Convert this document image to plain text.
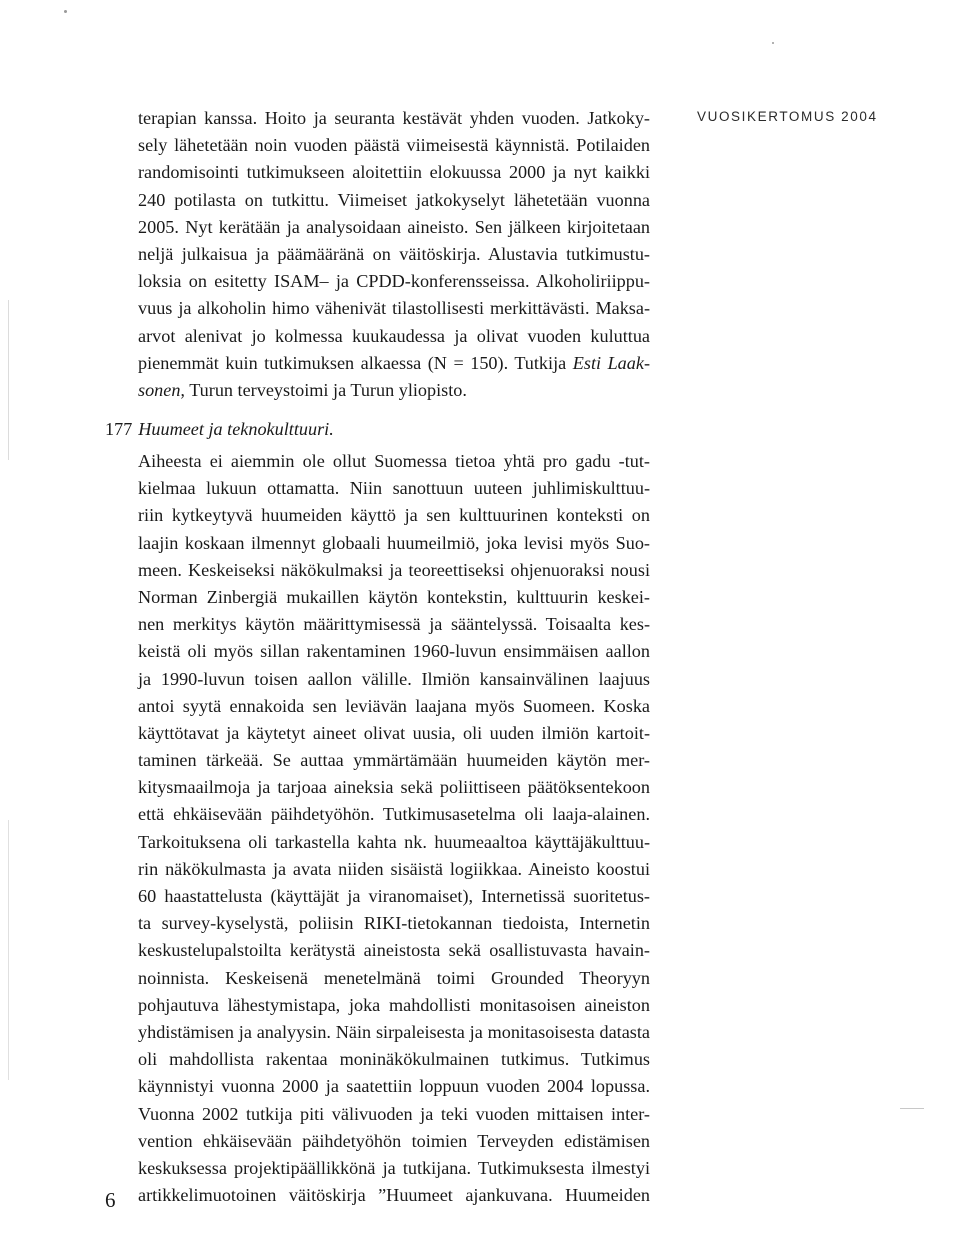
VUOSIKERTOMUS 2004
terapian kanssa. Hoito ja seuranta kestävät yhden vuoden. Jatkoky-
sely lähetetään noin vuoden päästä viimeisestä käynnistä. Potilaiden
randomisointi tutkimukseen aloitettiin elokuussa 2000 ja nyt kaikki
240 potilasta on tutkittu. Viimeiset jatkokyselyt lähetetään vuonna
2005. Nyt kerätään ja analysoidaan aineisto. Sen jälkeen kirjoitetaan
neljä julkaisua ja päämääränä on väitöskirja. Alustavia tutkimustu-
loksia on esitetty ISAM– ja CPDD-konferensseissa. Alkoholiriippu-
vuus ja alkoholin himo vähenivät tilastollisesti merkittävästi. Maksa-
arvot alenivat jo kolmessa kuukaudessa ja olivat vuoden kuluttua
pienemmät kuin tutkimuksen alkaessa (N = 150). Tutkija Esti Laak-
sonen, Turun terveystoimi ja Turun yliopisto.
177 Huumeet ja teknokulttuuri.
Aiheesta ei aiemmin ole ollut Suomessa tietoa yhtä pro gadu -tut-
kielmaa lukuun ottamatta. Niin sanottuun uuteen juhlimiskulttuu-
riin kytkeytyvä huumeiden käyttö ja sen kulttuurinen konteksti on
laajin koskaan ilmennyt globaali huumeilmiö, joka levisi myös Suo-
meen. Keskeiseksi näkökulmaksi ja teoreettiseksi ohjenuoraksi nousi
Norman Zinbergiä mukaillen käytön kontekstin, kulttuurin keskei-
nen merkitys käytön määrittymisessä ja sääntelyssä. Toisaalta kes-
keistä oli myös sillan rakentaminen 1960-luvun ensimmäisen aallon
ja 1990-luvun toisen aallon välille. Ilmiön kansainvälinen laajuus
antoi syytä ennakoida sen leviävän laajana myös Suomeen. Koska
käyttötavat ja käytetyt aineet olivat uusia, oli uuden ilmiön kartoit-
taminen tärkeää. Se auttaa ymmärtämään huumeiden käytön mer-
kitysmaailmoja ja tarjoaa aineksia sekä poliittiseen päätöksentekoon
että ehkäisevään päihdetyöhön. Tutkimusasetelma oli laaja-alainen.
Tarkoituksena oli tarkastella kahta nk. huumeaaltoa käyttäjäkulttuu-
rin näkökulmasta ja avata niiden sisäistä logiikkaa. Aineisto koostui
60 haastattelusta (käyttäjät ja viranomaiset), Internetissä suoritetus-
ta survey-kyselystä, poliisin RIKI-tietokannan tiedoista, Internetin
keskustelupalstoilta kerätystä aineistosta sekä osallistuvasta havain-
noinnista. Keskeisenä menetelmänä toimi Grounded Theoryyn
pohjautuva lähestymistapa, joka mahdollisti monitasoisen aineiston
yhdistämisen ja analyysin. Näin sirpaleisesta ja monitasoisesta datasta
oli mahdollista rakentaa moninäkökulmainen tutkimus. Tutkimus
käynnistyi vuonna 2000 ja saatettiin loppuun vuoden 2004 lopussa.
Vuonna 2002 tutkija piti välivuoden ja teki vuoden mittaisen inter-
vention ehkäisevään päihdetyöhön toimien Terveyden edistämisen
keskuksessa projektipäällikkönä ja tutkijana. Tutkimuksesta ilmestyi
artikkelimuotoinen väitöskirja ”Huumeet ajankuvana. Huumeiden
6
